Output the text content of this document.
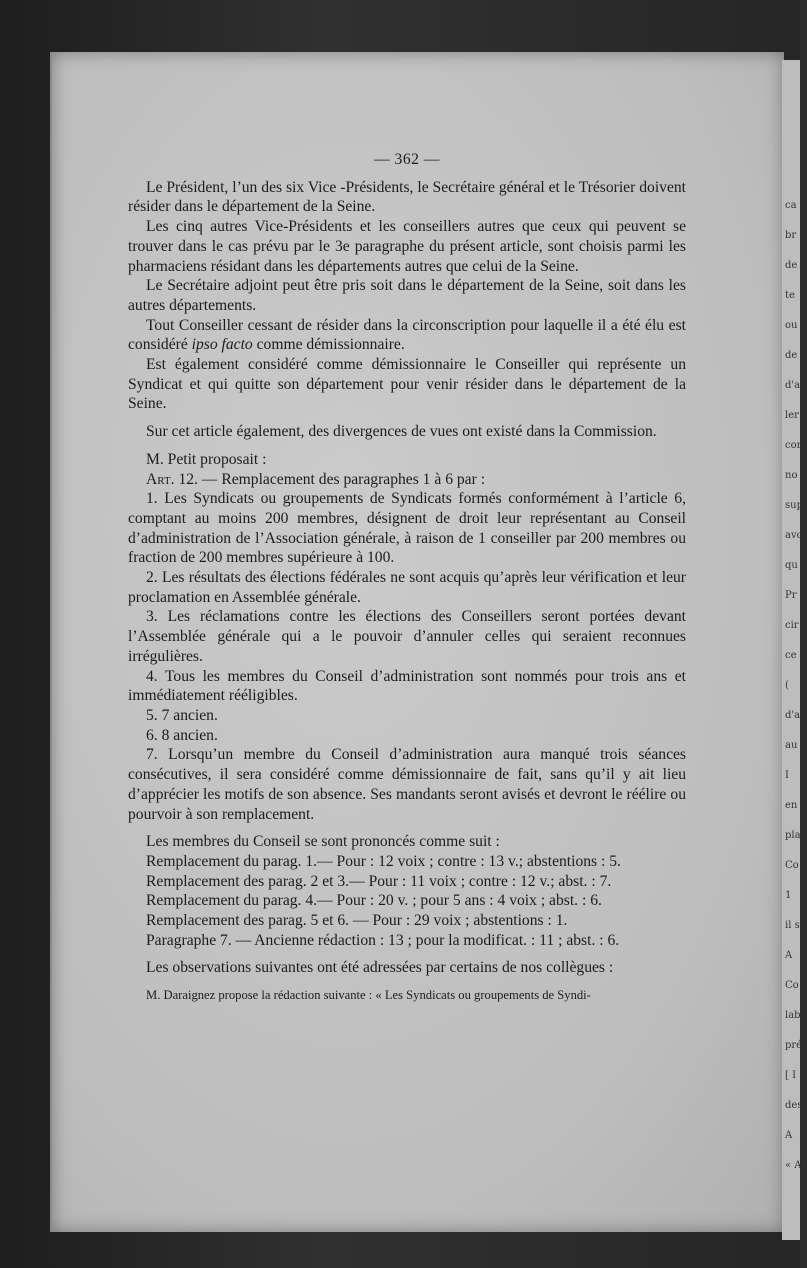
ca
br
de
te
ou
de
d'a
ler
cor
no
sup
avc
qu
Pr
cir
ce
(
d'a
au
I
en
pla
Co
1
il s
A
Co
lab
pré
[ I
des
A
« Av
— 362 —

Le Président, l’un des six Vice -Présidents, le Secrétaire général et le Trésorier doivent résider dans le département de la Seine.

Les cinq autres Vice-Présidents et les conseillers autres que ceux qui peuvent se trouver dans le cas prévu par le 3e paragraphe du présent article, sont choisis parmi les pharmaciens résidant dans les départements autres que celui de la Seine.

Le Secrétaire adjoint peut être pris soit dans le département de la Seine, soit dans les autres départements.

Tout Conseiller cessant de résider dans la circonscription pour laquelle il a été élu est considéré ipso facto comme démissionnaire.

Est également considéré comme démissionnaire le Conseiller qui représente un Syndicat et qui quitte son département pour venir résider dans le département de la Seine.

Sur cet article également, des divergences de vues ont existé dans la Commission.

M. Petit proposait :

Art. 12. — Remplacement des paragraphes 1 à 6 par :

1. Les Syndicats ou groupements de Syndicats formés conformément à l’article 6, comptant au moins 200 membres, désignent de droit leur représentant au Conseil d’administration de l’Association générale, à raison de 1 conseiller par 200 membres ou fraction de 200 membres supérieure à 100.

2. Les résultats des élections fédérales ne sont acquis qu’après leur vérification et leur proclamation en Assemblée générale.

3. Les réclamations contre les élections des Conseillers seront portées devant l’Assemblée générale qui a le pouvoir d’annuler celles qui seraient reconnues irrégulières.

4. Tous les membres du Conseil d’administration sont nommés pour trois ans et immédiatement rééligibles.

5. 7 ancien.

6. 8 ancien.

7. Lorsqu’un membre du Conseil d’administration aura manqué trois séances consécutives, il sera considéré comme démissionnaire de fait, sans qu’il y ait lieu d’apprécier les motifs de son absence. Ses mandants seront avisés et devront le réélire ou pourvoir à son remplacement.

Les membres du Conseil se sont prononcés comme suit :

Remplacement du parag. 1.— Pour : 12 voix ; contre : 13 v.; abstentions : 5.

Remplacement des parag. 2 et 3.— Pour : 11 voix ; contre : 12 v.; abst. : 7.

Remplacement du parag. 4.— Pour : 20 v. ; pour 5 ans : 4 voix ; abst. : 6.

Remplacement des parag. 5 et 6. — Pour : 29 voix ; abstentions : 1.

Paragraphe 7. — Ancienne rédaction : 13 ; pour la modificat. : 11 ; abst. : 6.

Les observations suivantes ont été adressées par certains de nos collègues :

M. Daraignez propose la rédaction suivante : « Les Syndicats ou groupements de Syndi-
